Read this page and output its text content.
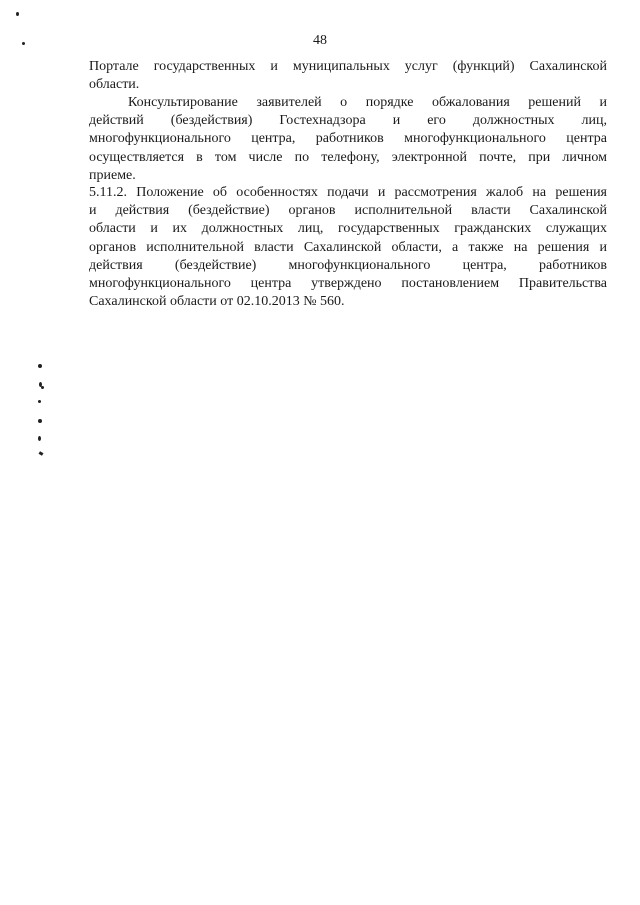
48
Портале государственных и муниципальных услуг (функций) Сахалинской
области.
Консультирование заявителей о порядке обжалования решений и
действий (бездействия) Гостехнадзора и его должностных лиц,
многофункционального центра, работников многофункционального центра
осуществляется в том числе по телефону, электронной почте, при личном
приеме.
5.11.2. Положение об особенностях подачи и рассмотрения жалоб на решения
и действия (бездействие) органов исполнительной власти Сахалинской
области и их должностных лиц, государственных гражданских служащих
органов исполнительной власти Сахалинской области, а также на решения и
действия (бездействие) многофункционального центра, работников
многофункционального центра утверждено постановлением Правительства
Сахалинской области от 02.10.2013 № 560.
